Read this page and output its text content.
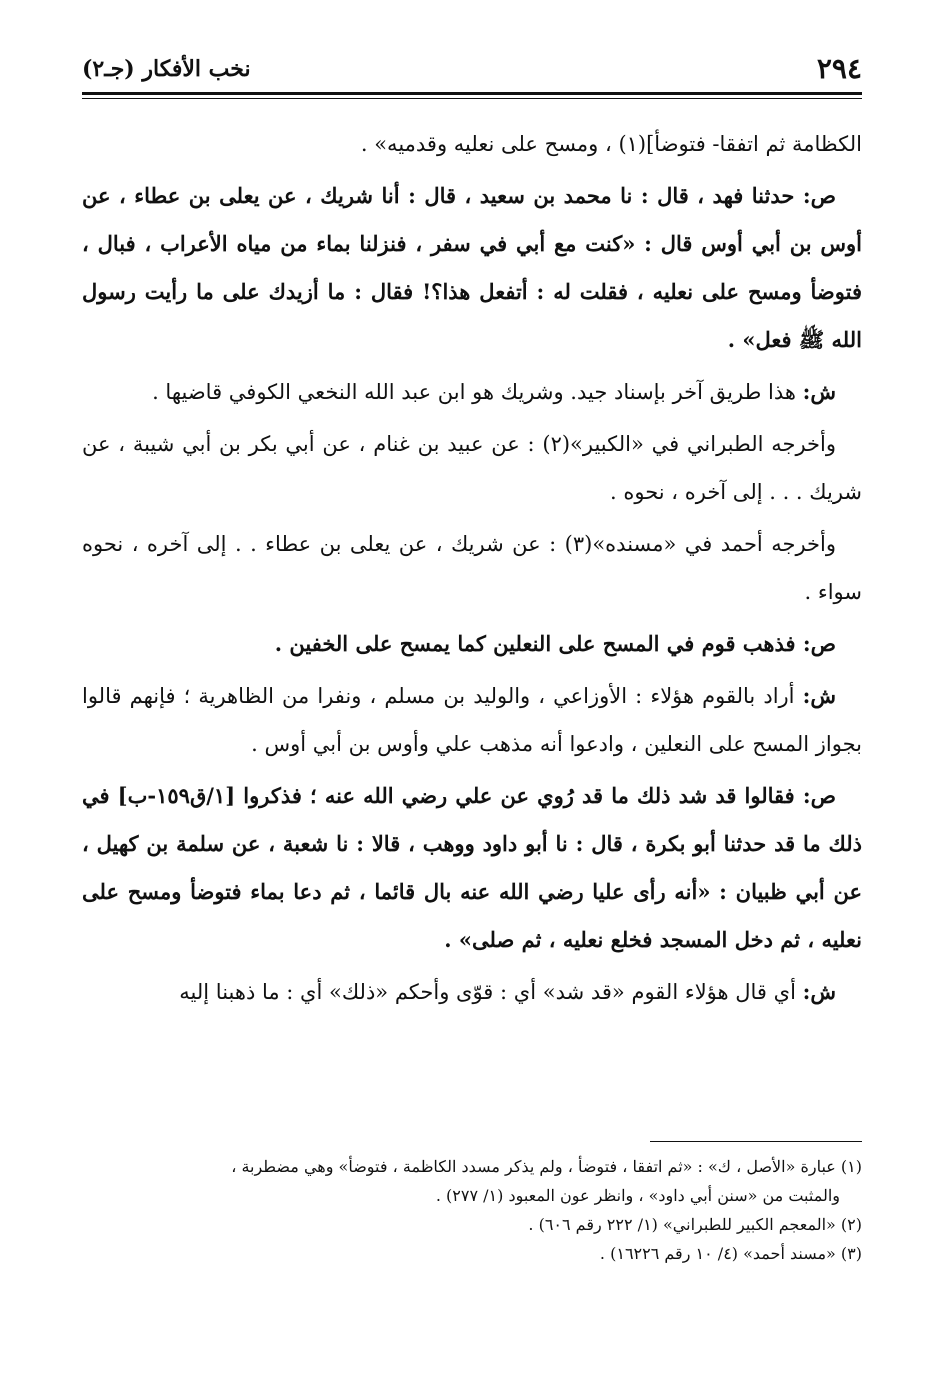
٢٩٤
نخب الأفكار (جـ٢)

الكظامة ثم اتفقا- فتوضأ](١) ، ومسح على نعليه وقدميه» .

ص: حدثنا فهد ، قال : نا محمد بن سعيد ، قال : أنا شريك ، عن يعلى بن عطاء ، عن أوس بن أبي أوس قال : «كنت مع أبي في سفر ، فنزلنا بماء من مياه الأعراب ، فبال ، فتوضأ ومسح على نعليه ، فقلت له : أتفعل هذا؟! فقال : ما أزيدك على ما رأيت رسول الله ﷺ فعل» .

ش: هذا طريق آخر بإسناد جيد. وشريك هو ابن عبد الله النخعي الكوفي قاضيها .

وأخرجه الطبراني في «الكبير»(٢) : عن عبيد بن غنام ، عن أبي بكر بن أبي شيبة ، عن شريك . . . إلى آخره ، نحوه .

وأخرجه أحمد في «مسنده»(٣) : عن شريك ، عن يعلى بن عطاء . . إلى آخره ، نحوه سواء .

ص: فذهب قوم في المسح على النعلين كما يمسح على الخفين .

ش: أراد بالقوم هؤلاء : الأوزاعي ، والوليد بن مسلم ، ونفرا من الظاهرية ؛ فإنهم قالوا بجواز المسح على النعلين ، وادعوا أنه مذهب علي وأوس بن أبي أوس .

ص: فقالوا قد شد ذلك ما قد رُوي عن علي رضي الله عنه ؛ فذكروا [١/ق١٥٩-ب] في ذلك ما قد حدثنا أبو بكرة ، قال : نا أبو داود ووهب ، قالا : نا شعبة ، عن سلمة بن كهيل ، عن أبي ظبيان : «أنه رأى عليا رضي الله عنه بال قائما ، ثم دعا بماء فتوضأ ومسح على نعليه ، ثم دخل المسجد فخلع نعليه ، ثم صلى» .

ش: أي قال هؤلاء القوم «قد شد» أي : قوّى وأحكم «ذلك» أي : ما ذهبنا إليه

(١) عبارة «الأصل ، ك» : «ثم اتفقا ، فتوضأ ، ولم يذكر مسدد الكاظمة ، فتوضأ» وهي مضطربة ،

والمثبت من «سنن أبي داود» ، وانظر عون المعبود (١/ ٢٧٧) .

(٢) «المعجم الكبير للطبراني» (١/ ٢٢٢ رقم ٦٠٦) .

(٣) «مسند أحمد» (٤/ ١٠ رقم ١٦٢٢٦) .
